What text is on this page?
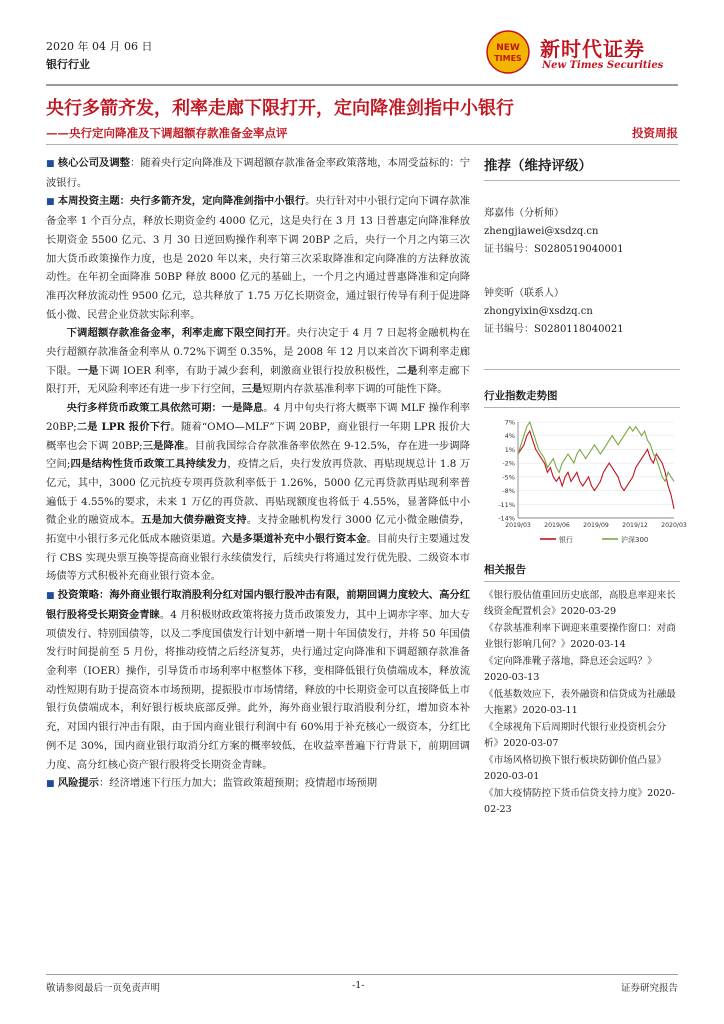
2020 年 04 月 06 日
银行行业
NEW
TIMES 新时代证券
New Times Securities
央行多箭齐发，利率走廊下限打开，定向降准剑指中小银行
——央行定向降准及下调超额存款准备金率点评	投资周报

■ 核心公司及调整：随着央行定向降准及下调超额存款准备金率政策落地，本周受益标的：宁波银行。

■ 本周投资主题：央行多箭齐发，定向降准剑指中小银行。央行针对中小银行定向下调存款准备金率 1 个百分点，释放长期资金约 4000 亿元，这是央行在 3 月 13 日普惠定向降准释放长期资金 5500 亿元、3 月 30 日逆回购操作利率下调 20BP 之后，央行一个月之内第三次加大货币政策操作力度，也是 2020 年以来，央行第三次采取降准和定向降准的方法释放流动性。在年初全面降准 50BP 释放 8000 亿元的基础上，一个月之内通过普惠降准和定向降准再次释放流动性 9500 亿元，总共释放了 1.75 万亿长期资金，通过银行传导有利于促进降低小微、民营企业贷款实际利率。

下调超额存款准备金率，利率走廊下限空间打开。央行决定于 4 月 7 日起将金融机构在央行超额存款准备金利率从 0.72%下调至 0.35%，是 2008 年 12 月以来首次下调利率走廊下限。一是下调 IOER 利率，有助于减少套利，刺激商业银行投放积极性，二是利率走廊下限打开，无风险利率还有进一步下行空间，三是短期内存款基准利率下调的可能性下降。

央行多样货币政策工具依然可期：一是降息。4 月中旬央行将大概率下调 MLF 操作利率 20BP;二是 LPR 报价下行。随着“OMO—MLF”下调 20BP，商业银行一年期 LPR 报价大概率也会下调 20BP;三是降准。目前我国综合存款准备率依然在 9-12.5%，存在进一步调降空间;四是结构性货币政策工具持续发力，疫情之后，央行发放再贷款、再贴现规总计 1.8 万亿元，其中，3000 亿元抗疫专项再贷款利率低于 1.26%，5000 亿元再贷款再贴现利率普遍低于 4.55%的要求，未来 1 万亿的再贷款、再贴现额度也将低于 4.55%，显著降低中小微企业的融资成本。五是加大债券融资支持。支持金融机构发行 3000 亿元小微金融债券，拓宽中小银行多元化低成本融资渠道。六是多渠道补充中小银行资本金。目前央行主要通过发行 CBS 实现央票互换等提高商业银行永续债发行，后续央行将通过发行优先股、二级资本市场债等方式积极补充商业银行资本金。

■ 投资策略：海外商业银行取消股利分红对国内银行股冲击有限，前期回调力度较大、高分红银行股将受长期资金青睐。4 月积极财政政策将接力货币政策发力，其中上调赤字率、加大专项债发行、特别国债等，以及二季度国债发行计划中新增一期十年国债发行，并将 50 年国债发行时间提前至 5 月份，将推动疫情之后经济复苏，央行通过定向降准和下调超额存款准备金利率（IOER）操作，引导货币市场利率中枢整体下移，变相降低银行负债端成本，释放流动性短期有助于提高资本市场预期，提振股市市场情绪，释放的中长期资金可以直接降低上市银行负债端成本，利好银行板块底部反弹。此外，海外商业银行取消股利分红，增加资本补充，对国内银行冲击有限，由于国内商业银行利润中有 60%用于补充核心一级资本，分红比例不足 30%，国内商业银行取消分红方案的概率较低，在收益率普遍下行背景下，前期回调力度、高分红核心资产银行股将受长期资金青睐。

■ 风险提示：经济增速下行压力加大；监管政策超预期；疫情超市场预期

推荐（维持评级）
郑嘉伟（分析师）
zhengjiawei@xsdzq.cn
证书编号：S0280519040001
钟奕昕（联系人）
zhongyixin@xsdzq.cn
证书编号：S0280118040021
行业指数走势图
7%
4%
1%
-2%
-5%
-8%
-11%
-14%
2019/03 2019/06 2019/09 2019/12 2020/03
银行	沪深300
相关报告
《银行股估值重回历史底部，高股息率迎来长线资金配置机会》2020-03-29
《存款基准利率下调迎来重要操作窗口：对商业银行影响几何？》2020-03-14
《定向降准靴子落地，降息还会远吗？》2020-03-13
《低基数效应下，表外融资和信贷成为社融最大拖累》2020-03-11
《全球视角下后周期时代银行业投资机会分析》2020-03-07
《市场风格切换下银行板块防御价值凸显》2020-03-01
《加大疫情防控下货币信贷支持力度》2020-02-23
敬请参阅最后一页免责声明	-1-	证券研究报告
